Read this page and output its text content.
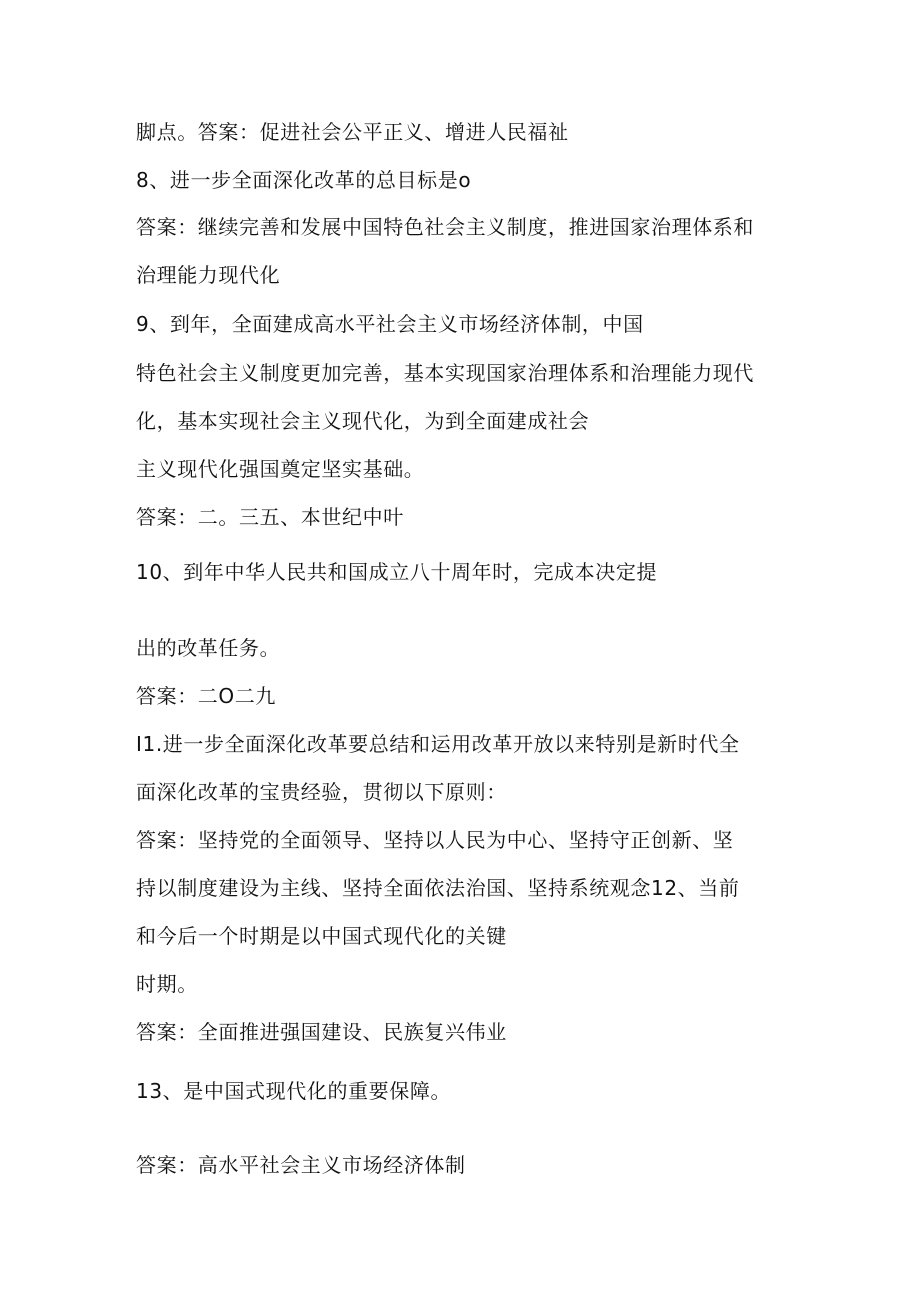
脚点。答案：促进社会公平正义、增进人民福祉
8、进一步全面深化改革的总目标是o
答案：继续完善和发展中国特色社会主义制度，推进国家治理体系和
治理能力现代化
9、到年，全面建成高水平社会主义市场经济体制，中国
特色社会主义制度更加完善，基本实现国家治理体系和治理能力现代
化，基本实现社会主义现代化，为到全面建成社会
主义现代化强国奠定坚实基础。
答案：二。三五、本世纪中叶
10、到年中华人民共和国成立八十周年时，完成本决定提
出的改革任务。
答案：二O二九
I1.进一步全面深化改革要总结和运用改革开放以来特别是新时代全
面深化改革的宝贵经验，贯彻以下原则：
答案：坚持党的全面领导、坚持以人民为中心、坚持守正创新、坚
持以制度建设为主线、坚持全面依法治国、坚持系统观念12、当前
和今后一个时期是以中国式现代化的关键
时期。
答案：全面推进强国建设、民族复兴伟业
13、是中国式现代化的重要保障。
答案：高水平社会主义市场经济体制
